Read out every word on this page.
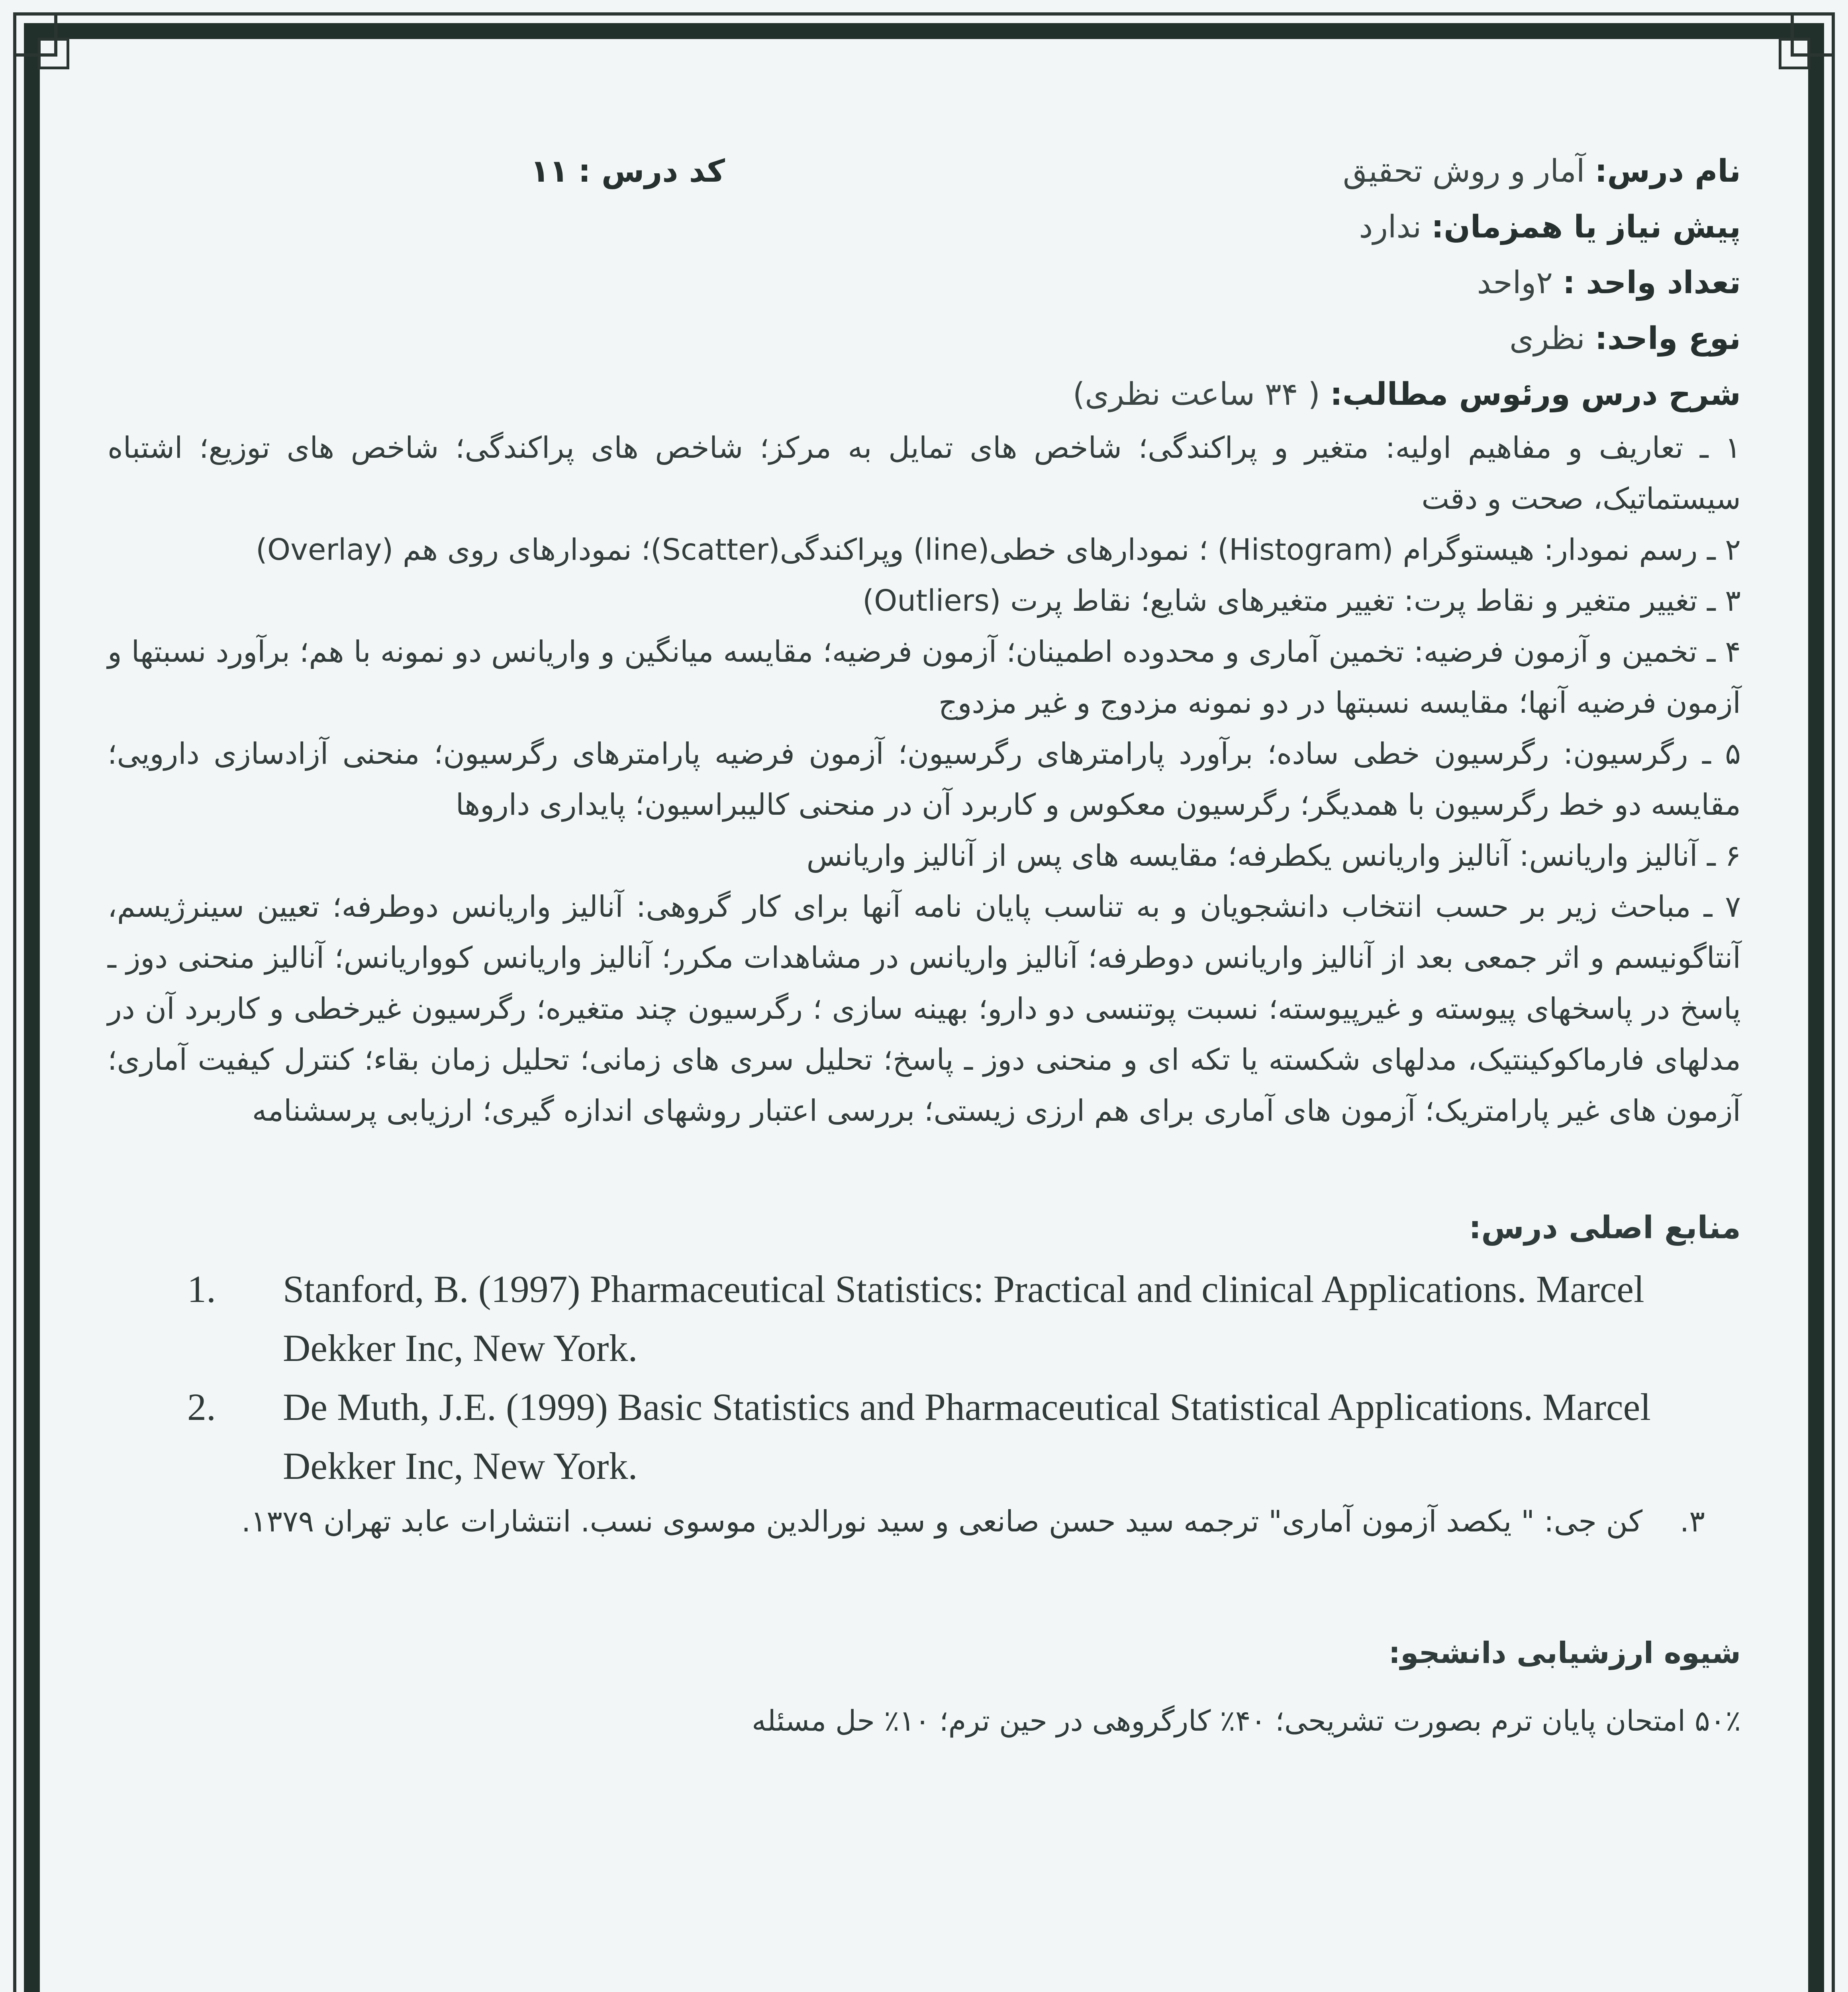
نام درس: آمار و روش تحقیق
کد درس : ۱۱
پیش نیاز یا همزمان: ندارد
تعداد واحد : ۲واحد
نوع واحد: نظری
شرح درس ورئوس مطالب: ( ۳۴ ساعت نظری)

۱ ـ تعاریف و مفاهیم اولیه: متغیر و پراکندگی؛ شاخص های تمایل به مرکز؛ شاخص های پراکندگی؛ شاخص های توزیع؛ اشتباه سیستماتیک، صحت و دقت

۲ ـ رسم نمودار: هیستوگرام (Histogram) ؛ نمودارهای خطی(line) وپراکندگی(Scatter)؛ نمودارهای روی هم (Overlay)

۳ ـ تغییر متغیر و نقاط پرت: تغییر متغیرهای شایع؛ نقاط پرت (Outliers)

۴ ـ تخمین و آزمون فرضیه: تخمین آماری و محدوده اطمینان؛ آزمون فرضیه؛ مقایسه میانگین و واریانس دو نمونه با هم؛ برآورد نسبتها و آزمون فرضیه آنها؛ مقایسه نسبتها در دو نمونه مزدوج و غیر مزدوج

۵ ـ رگرسیون: رگرسیون خطی ساده؛ برآورد پارامترهای رگرسیون؛ آزمون فرضیه پارامترهای رگرسیون؛ منحنی آزادسازی دارویی؛ مقایسه دو خط رگرسیون با همدیگر؛ رگرسیون معکوس و کاربرد آن در منحنی کالیبراسیون؛ پایداری داروها

۶ ـ آنالیز واریانس: آنالیز واریانس یکطرفه؛ مقایسه های پس از آنالیز واریانس

۷ ـ مباحث زیر بر حسب انتخاب دانشجویان و به تناسب پایان نامه آنها برای کار گروهی: آنالیز واریانس دوطرفه؛ تعیین سینرژیسم، آنتاگونیسم و اثر جمعی بعد از آنالیز واریانس دوطرفه؛ آنالیز واریانس در مشاهدات مکرر؛ آنالیز واریانس کوواریانس؛ آنالیز منحنی دوز ـ پاسخ در پاسخهای پیوسته و غیرپیوسته؛ نسبت پوتنسی دو دارو؛ بهینه سازی ؛ رگرسیون چند متغیره؛ رگرسیون غیرخطی و کاربرد آن در مدلهای فارماکوکینتیک، مدلهای شکسته یا تکه ای و منحنی دوز ـ پاسخ؛ تحلیل سری های زمانی؛ تحلیل زمان بقاء؛ کنترل کیفیت آماری؛ آزمون های غیر پارامتریک؛ آزمون های آماری برای هم ارزی زیستی؛ بررسی اعتبار روشهای اندازه گیری؛ ارزیابی پرسشنامه

منابع اصلی درس:
1. Stanford, B. (1997) Pharmaceutical Statistics: Practical and clinical Applications. Marcel Dekker Inc, New York.
2. De Muth, J.E. (1999) Basic Statistics and Pharmaceutical Statistical Applications. Marcel Dekker Inc, New York.
۳. کن جی: " یکصد آزمون آماری" ترجمه سید حسن صانعی و سید نورالدین موسوی نسب. انتشارات عابد تهران ۱۳۷۹.
شیوه ارزشیابی دانشجو:
۵۰٪ امتحان پایان ترم بصورت تشریحی؛ ۴۰٪ کارگروهی در حین ترم؛ ۱۰٪ حل مسئله
